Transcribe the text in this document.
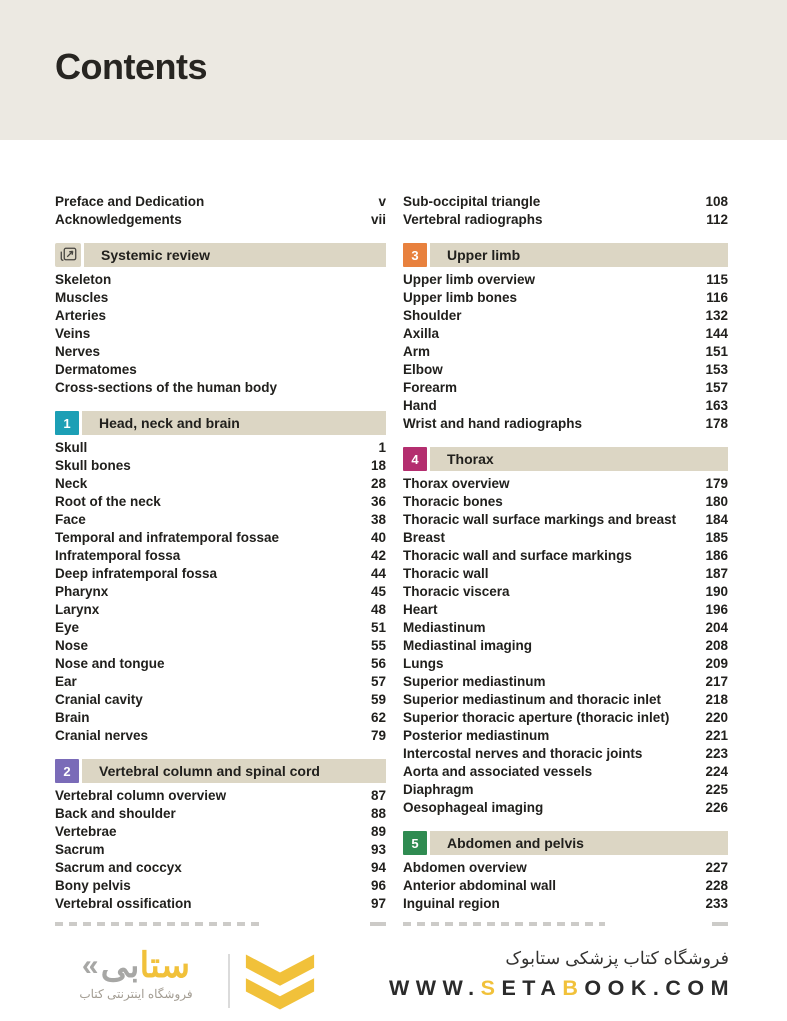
Contents
Preface and Dedication	v
Acknowledgements	vii
Systemic review
Skeleton
Muscles
Arteries
Veins
Nerves
Dermatomes
Cross-sections of the human body
1	Head, neck and brain
Skull	1
Skull bones	18
Neck	28
Root of the neck	36
Face	38
Temporal and infratemporal fossae	40
Infratemporal fossa	42
Deep infratemporal fossa	44
Pharynx	45
Larynx	48
Eye	51
Nose	55
Nose and tongue	56
Ear	57
Cranial cavity	59
Brain	62
Cranial nerves	79
2	Vertebral column and spinal cord
Vertebral column overview	87
Back and shoulder	88
Vertebrae	89
Sacrum	93
Sacrum and coccyx	94
Bony pelvis	96
Vertebral ossification	97
Sub-occipital triangle	108
Vertebral radiographs	112
3	Upper limb
Upper limb overview	115
Upper limb bones	116
Shoulder	132
Axilla	144
Arm	151
Elbow	153
Forearm	157
Hand	163
Wrist and hand radiographs	178
4	Thorax
Thorax overview	179
Thoracic bones	180
Thoracic wall surface markings and breast	184
Breast	185
Thoracic wall and surface markings	186
Thoracic wall	187
Thoracic viscera	190
Heart	196
Mediastinum	204
Mediastinal imaging	208
Lungs	209
Superior mediastinum	217
Superior mediastinum and thoracic inlet	218
Superior thoracic aperture (thoracic inlet)	220
Posterior mediastinum	221
Intercostal nerves and thoracic joints	223
Aorta and associated vessels	224
Diaphragm	225
Oesophageal imaging	226
5	Abdomen and pelvis
Abdomen overview	227
Anterior abdominal wall	228
Inguinal region	233
« بی ستا
فروشگاه اینترنتی کتاب
فروشگاه کتاب پزشکی ستابوک
WWW.SETABOOK.COM
